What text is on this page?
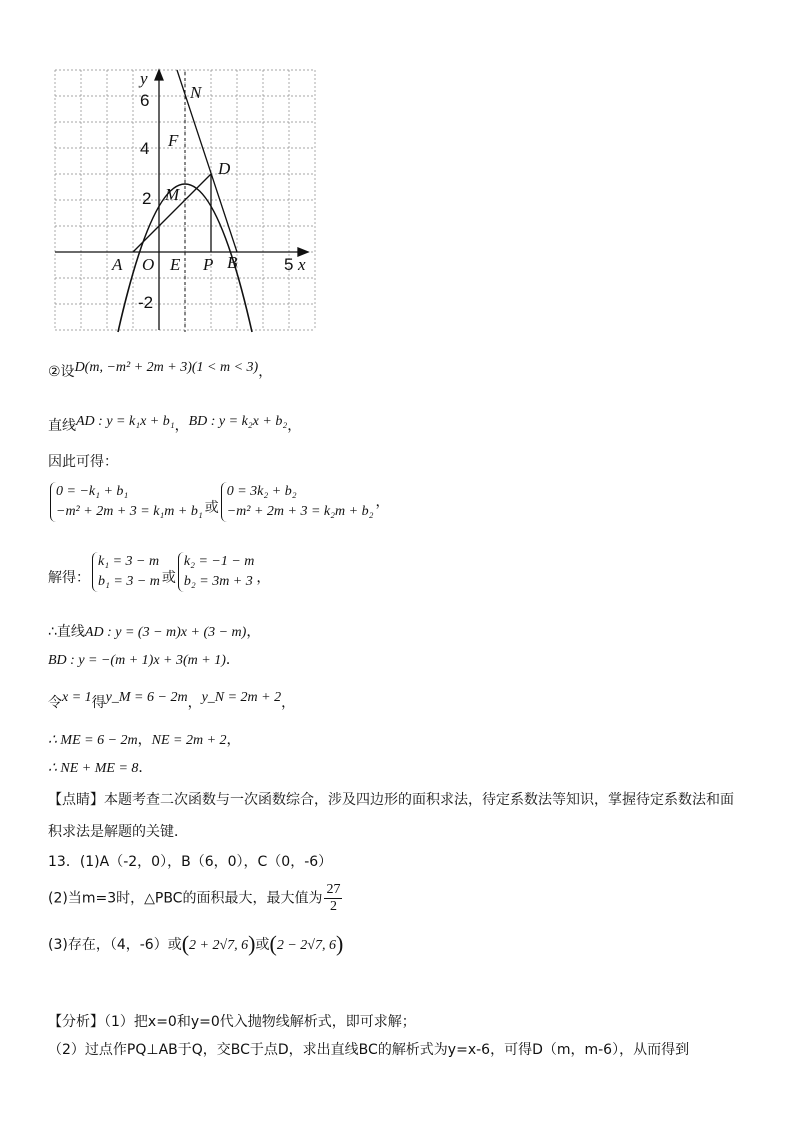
y
x
N
F
D
M
A O E P B
6
4
2
-2
5
②设D(m, −m² + 2m + 3)(1 < m < 3)，
直线AD : y = k₁x + b₁，BD : y = k₂x + b₂，
因此可得：
0 = −k₁ + b₁
−m² + 2m + 3 = k₁m + b₁ 或
0 = 3k₂ + b₂
−m² + 2m + 3 = k₂m + b₂
，
解得：
k₁ = 3 − m
b₁ = 3 − m 或
k₂ = −1 − m
b₂ = 3m + 3 ，
∴直线AD : y = (3 − m)x + (3 − m)，
BD : y = −(m + 1)x + 3(m + 1)．
令x = 1得y_M = 6 − 2m，y_N = 2m + 2，
∴ ME = 6 − 2m，NE = 2m + 2，
∴ NE + ME = 8．
【点睛】本题考查二次函数与一次函数综合，涉及四边形的面积求法，待定系数法等知识，掌握待定系数法和面
积求法是解题的关键．
13．(1)A（-2，0），B（6，0），C（0，-6）
(2)当m=3时，△PBC的面积最大，最大值为 $\frac{27}{2}$
(3)存在，（4，-6）或(2 + 2√7, 6)或(2 − 2√7, 6)
【分析】（1）把x=0和y=0代入抛物线解析式，即可求解；
（2）过点作PQ⊥AB于Q，交BC于点D，求出直线BC的解析式为y=x-6，可得D（m，m-6），从而得到
